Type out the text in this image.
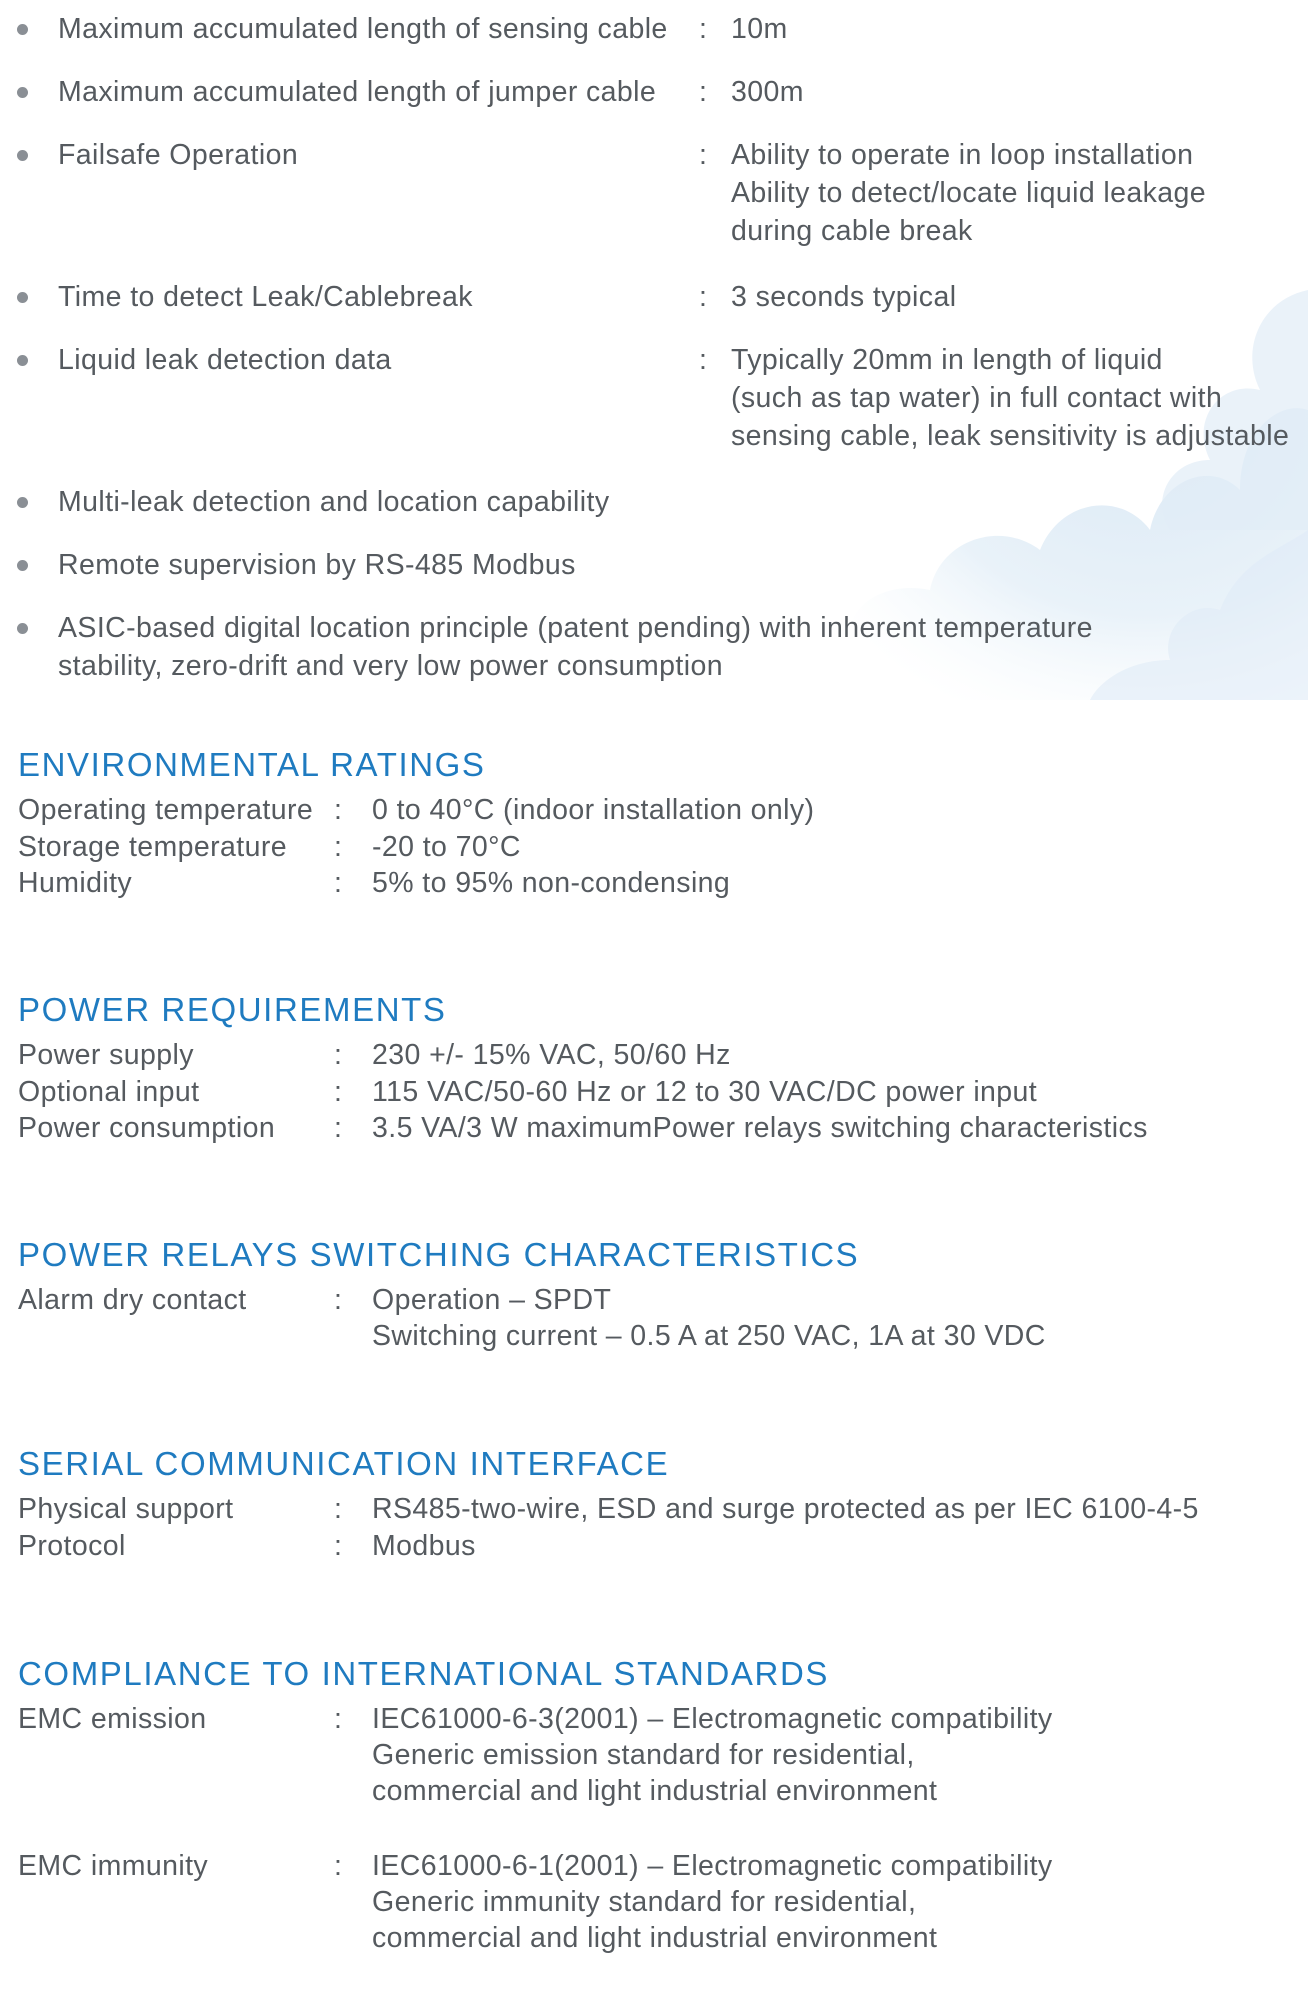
Maximum accumulated length of sensing cable : 10m
Maximum accumulated length of jumper cable : 300m
Failsafe Operation	: Ability to operate in loop installation
Ability to detect/locate liquid leakage
during cable break
Time to detect Leak/Cablebreak	: 3 seconds typical
Liquid leak detection data	: Typically 20mm in length of liquid
(such as tap water) in full contact with
sensing cable, leak sensitivity is adjustable
Multi-leak detection and location capability
Remote supervision by RS-485 Modbus
ASIC-based digital location principle (patent pending) with inherent temperature
stability, zero-drift and very low power consumption
ENVIRONMENTAL RATINGS
Operating temperature : 0 to 40°C (indoor installation only)
Storage temperature : -20 to 70°C
Humidity	: 5% to 95% non-condensing
POWER REQUIREMENTS
Power supply	: 230 +/- 15% VAC, 50/60 Hz
Optional input	: 115 VAC/50-60 Hz or 12 to 30 VAC/DC power input
Power consumption : 3.5 VA/3 W maximumPower relays switching characteristics
POWER RELAYS SWITCHING CHARACTERISTICS
Alarm dry contact	: Operation – SPDT
Switching current – 0.5 A at 250 VAC, 1A at 30 VDC
SERIAL COMMUNICATION INTERFACE
Physical support	: RS485-two-wire, ESD and surge protected as per IEC 6100-4-5
Protocol	: Modbus
COMPLIANCE TO INTERNATIONAL STANDARDS
EMC emission	: IEC61000-6-3(2001) – Electromagnetic compatibility
Generic emission standard for residential,
commercial and light industrial environment
EMC immunity	: IEC61000-6-1(2001) – Electromagnetic compatibility
Generic immunity standard for residential,
commercial and light industrial environment
